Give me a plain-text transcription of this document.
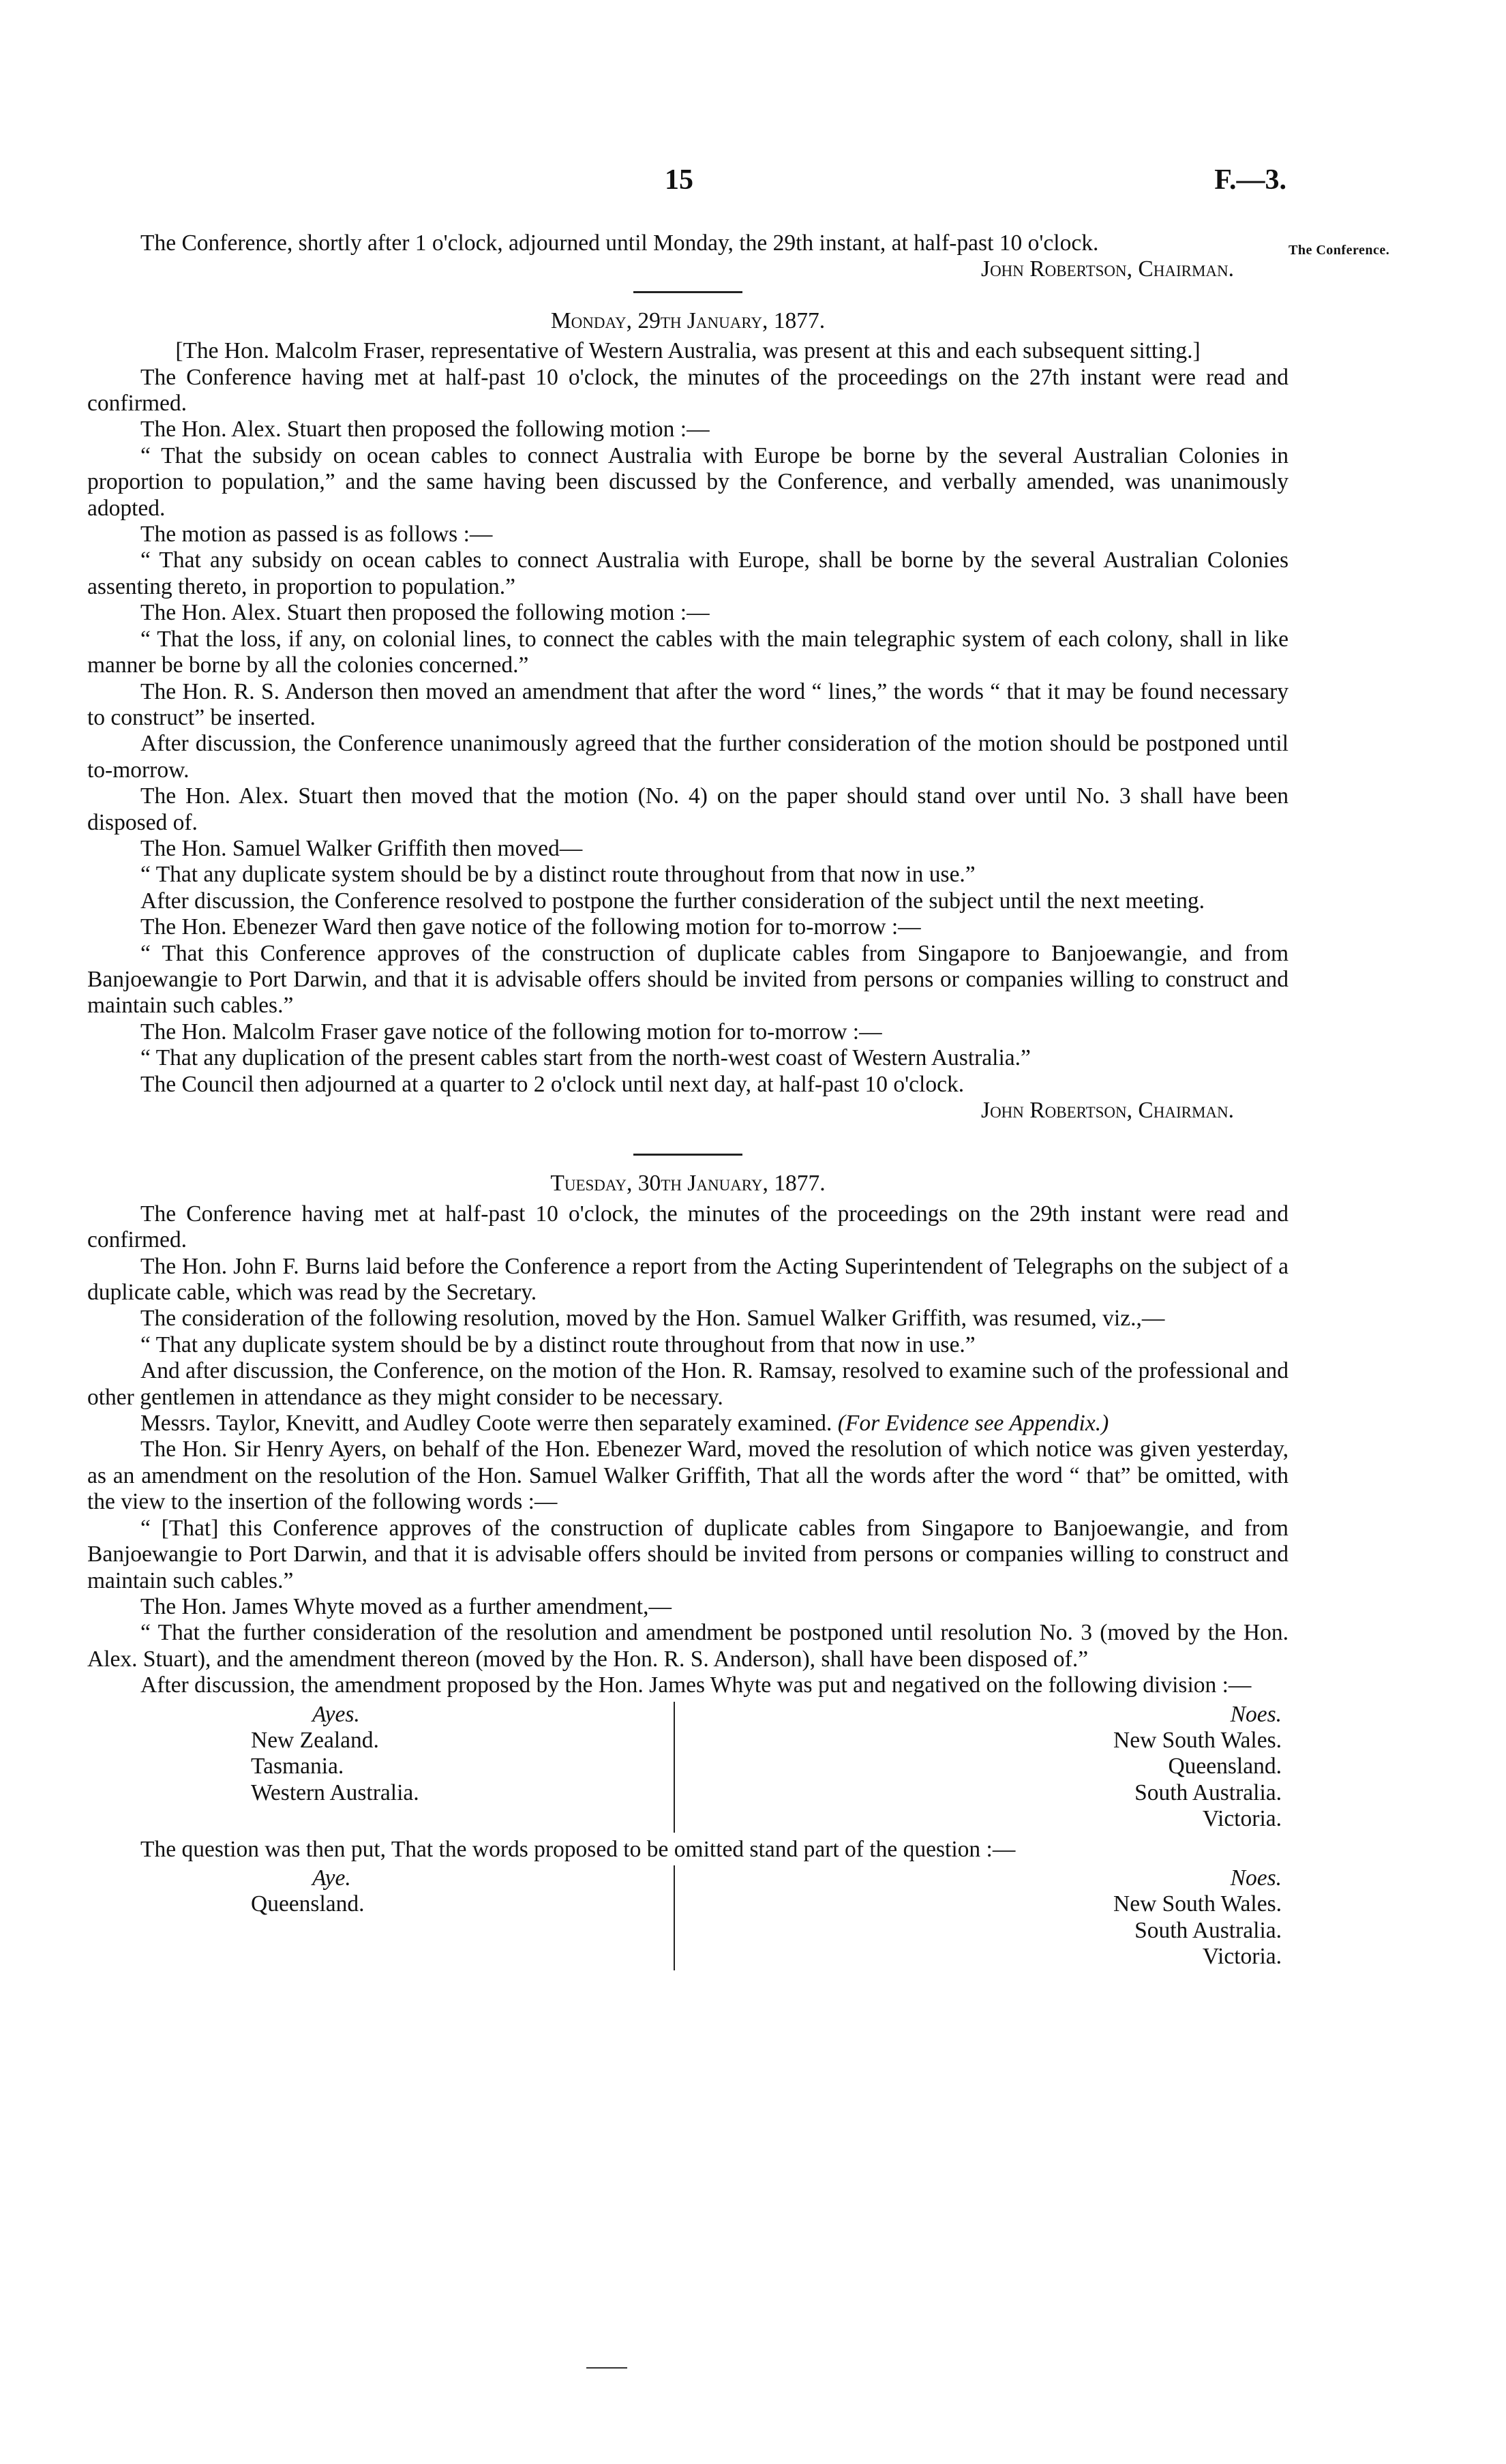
15	F.—3.
The Conference.

The Conference, shortly after 1 o'clock, adjourned until Monday, the 29th instant, at half-past 10 o'clock.

John Robertson, Chairman.

Monday, 29th January, 1877.

[The Hon. Malcolm Fraser, representative of Western Australia, was present at this and each subsequent sitting.]

The Conference having met at half-past 10 o'clock, the minutes of the proceedings on the 27th instant were read and confirmed.

The Hon. Alex. Stuart then proposed the following motion :—

“ That the subsidy on ocean cables to connect Australia with Europe be borne by the several Australian Colonies in proportion to population,” and the same having been discussed by the Conference, and verbally amended, was unanimously adopted.

The motion as passed is as follows :—

“ That any subsidy on ocean cables to connect Australia with Europe, shall be borne by the several Australian Colonies assenting thereto, in proportion to population.”

The Hon. Alex. Stuart then proposed the following motion :—

“ That the loss, if any, on colonial lines, to connect the cables with the main telegraphic system of each colony, shall in like manner be borne by all the colonies concerned.”

The Hon. R. S. Anderson then moved an amendment that after the word “ lines,” the words “ that it may be found necessary to construct” be inserted.

After discussion, the Conference unanimously agreed that the further consideration of the motion should be postponed until to-morrow.

The Hon. Alex. Stuart then moved that the motion (No. 4) on the paper should stand over until No. 3 shall have been disposed of.

The Hon. Samuel Walker Griffith then moved—

“ That any duplicate system should be by a distinct route throughout from that now in use.”

After discussion, the Conference resolved to postpone the further consideration of the subject until the next meeting.

The Hon. Ebenezer Ward then gave notice of the following motion for to-morrow :—

“ That this Conference approves of the construction of duplicate cables from Singapore to Banjoewangie, and from Banjoewangie to Port Darwin, and that it is advisable offers should be invited from persons or companies willing to construct and maintain such cables.”

The Hon. Malcolm Fraser gave notice of the following motion for to-morrow :—

“ That any duplication of the present cables start from the north-west coast of Western Australia.”

The Council then adjourned at a quarter to 2 o'clock until next day, at half-past 10 o'clock.

John Robertson, Chairman.

Tuesday, 30th January, 1877.

The Conference having met at half-past 10 o'clock, the minutes of the proceedings on the 29th instant were read and confirmed.

The Hon. John F. Burns laid before the Conference a report from the Acting Superintendent of Telegraphs on the subject of a duplicate cable, which was read by the Secretary.

The consideration of the following resolution, moved by the Hon. Samuel Walker Griffith, was resumed, viz.,—

“ That any duplicate system should be by a distinct route throughout from that now in use.”

And after discussion, the Conference, on the motion of the Hon. R. Ramsay, resolved to examine such of the professional and other gentlemen in attendance as they might consider to be necessary.

Messrs. Taylor, Knevitt, and Audley Coote werre then separately examined. (For Evidence see Appendix.)

The Hon. Sir Henry Ayers, on behalf of the Hon. Ebenezer Ward, moved the resolution of which notice was given yesterday, as an amendment on the resolution of the Hon. Samuel Walker Griffith, That all the words after the word “ that” be omitted, with the view to the insertion of the following words :—

“ [That] this Conference approves of the construction of duplicate cables from Singapore to Banjoewangie, and from Banjoewangie to Port Darwin, and that it is advisable offers should be invited from persons or companies willing to construct and maintain such cables.”

The Hon. James Whyte moved as a further amendment,—

“ That the further consideration of the resolution and amendment be postponed until resolution No. 3 (moved by the Hon. Alex. Stuart), and the amendment thereon (moved by the Hon. R. S. Anderson), shall have been disposed of.”

After discussion, the amendment proposed by the Hon. James Whyte was put and negatived on the following division :—

Ayes.
New Zealand.
Tasmania.
Western Australia.

Noes.
New South Wales.
Queensland.
South Australia.
Victoria.

The question was then put, That the words proposed to be omitted stand part of the question :—

Aye.
Queensland.

Noes.
New South Wales.
South Australia.
Victoria.
